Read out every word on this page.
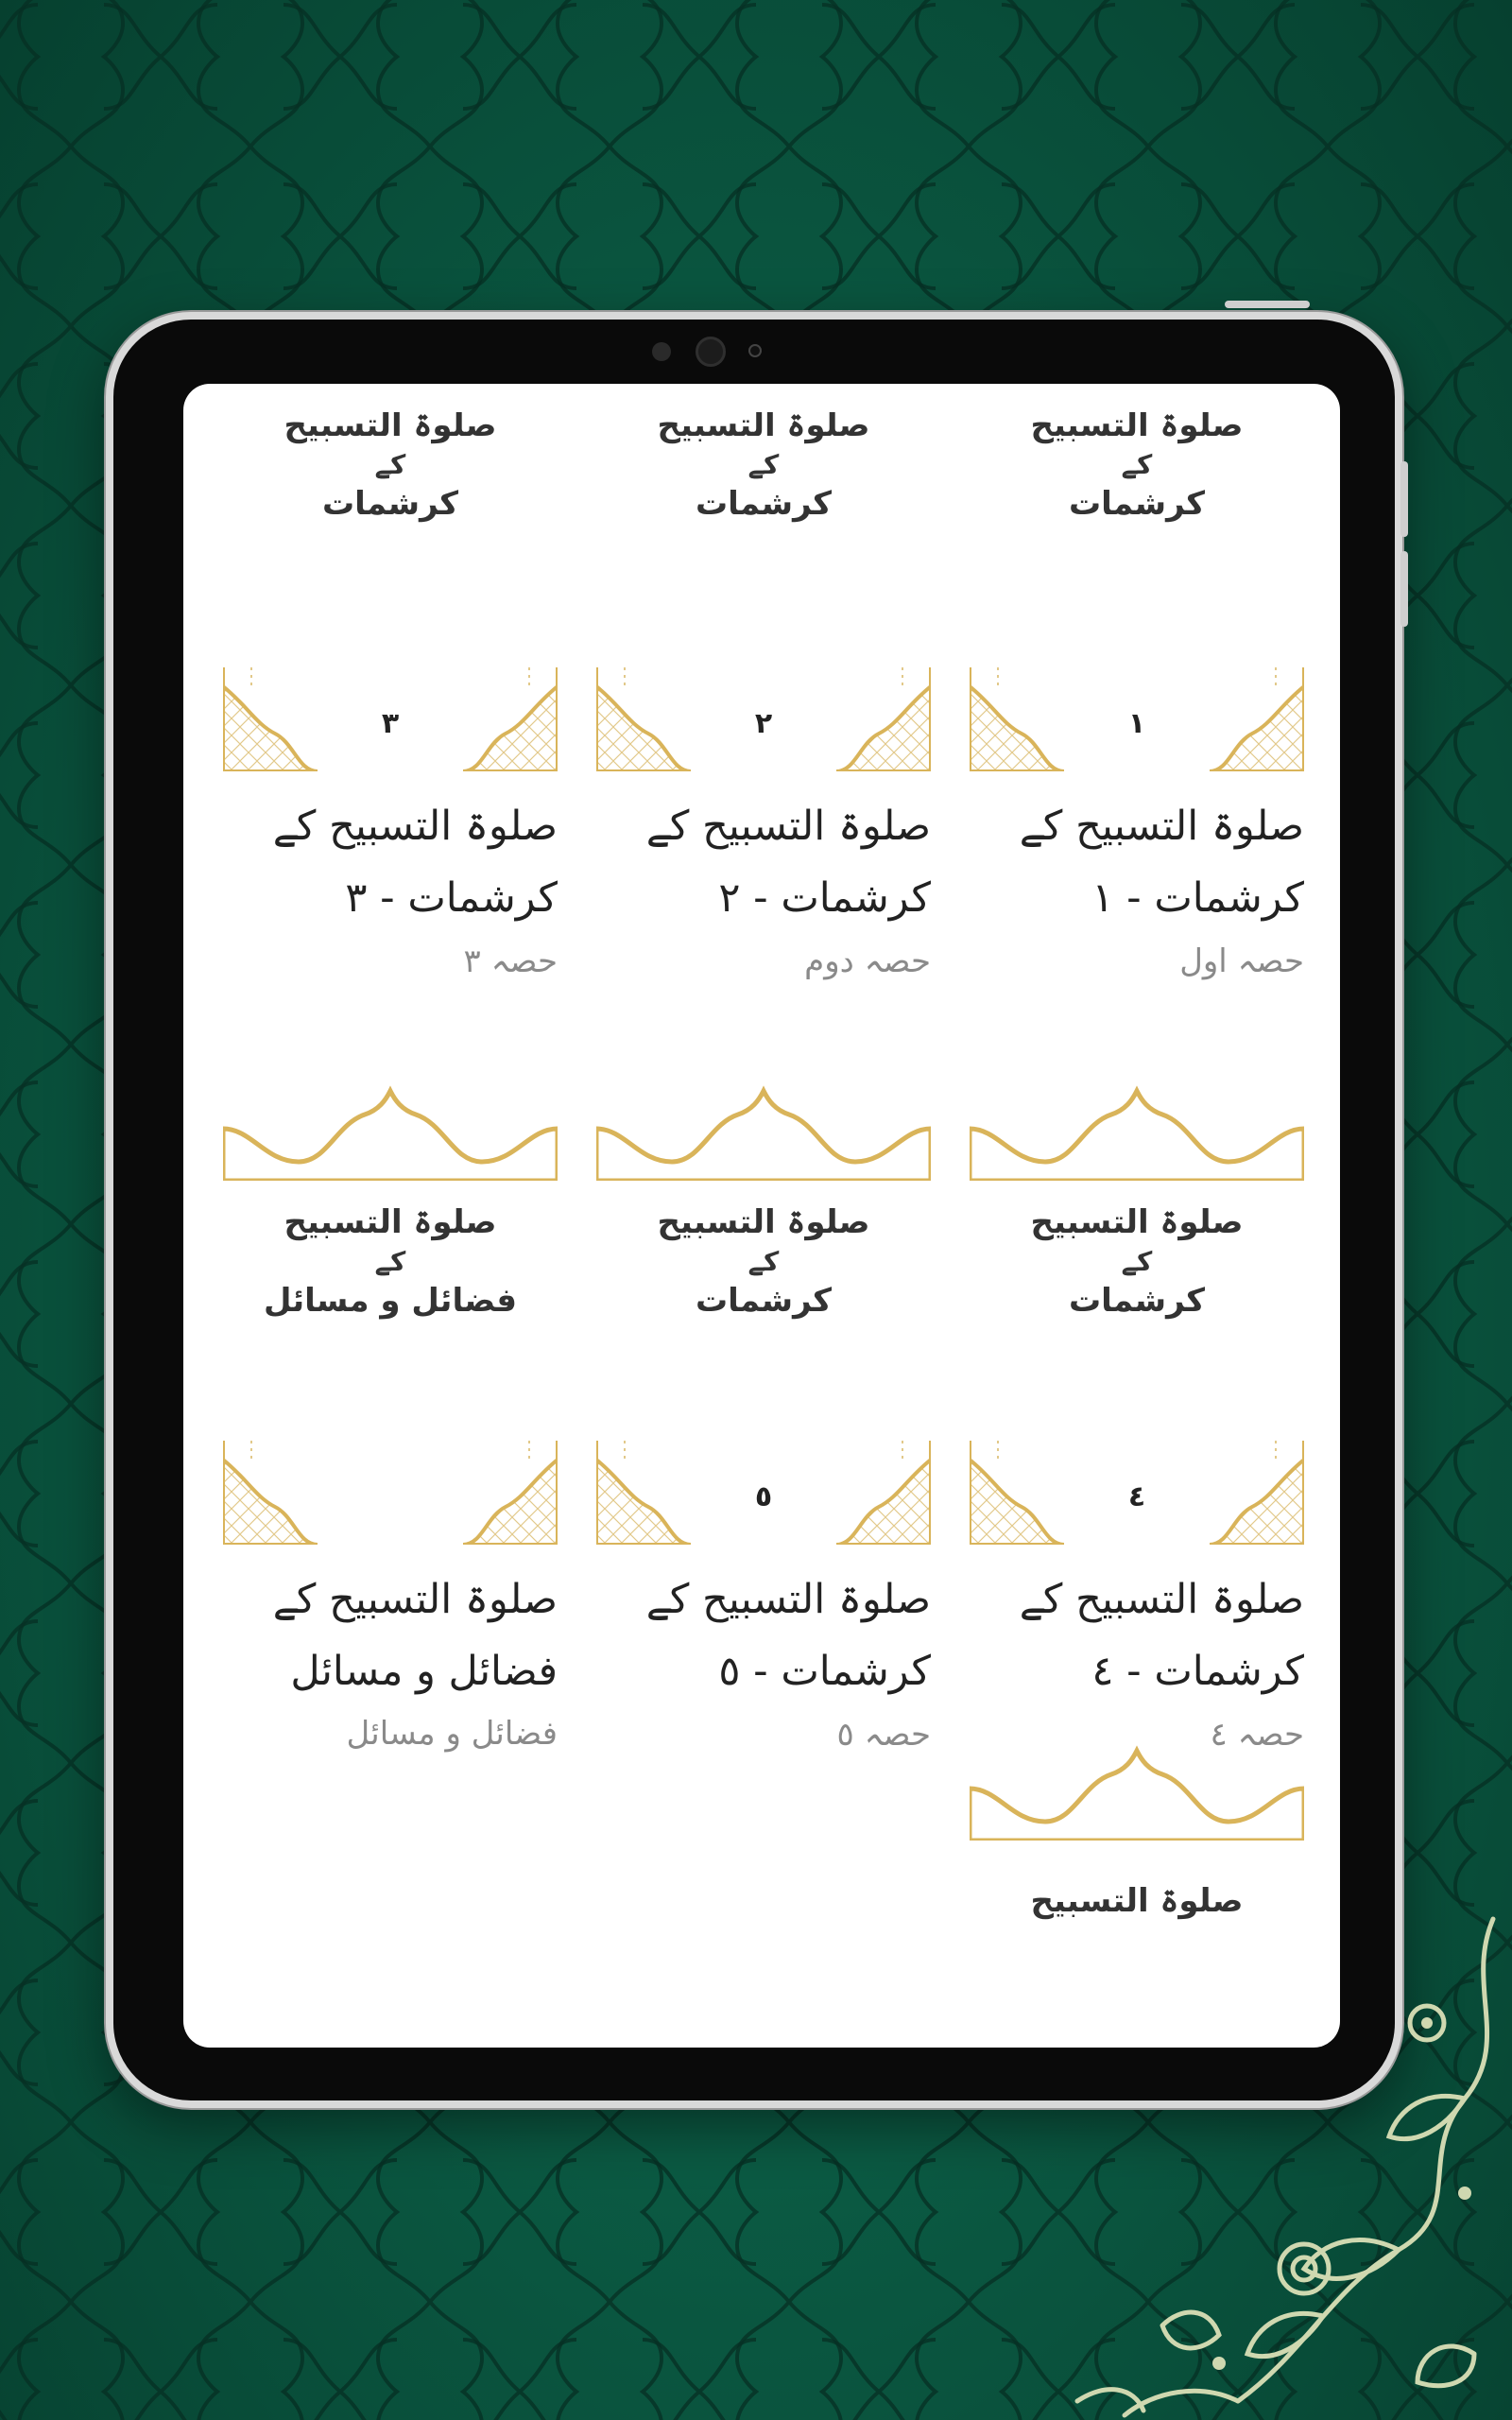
صلوۃ التسبیح
کے
کرشمات
۱
صلوۃ التسبیح کے کرشمات - ۱
حصہ اول
صلوۃ التسبیح
کے
کرشمات
۲
صلوۃ التسبیح کے کرشمات - ۲
حصہ دوم
صلوۃ التسبیح
کے
کرشمات
۳
صلوۃ التسبیح کے کرشمات - ۳
حصہ ۳
صلوۃ التسبیح
کے
کرشمات
٤
صلوۃ التسبیح کے کرشمات - ٤
حصہ ٤
صلوۃ التسبیح
کے
کرشمات
٥
صلوۃ التسبیح کے کرشمات - ٥
حصہ ٥
صلوۃ التسبیح
کے
فضائل و مسائل
صلوۃ التسبیح کے فضائل و مسائل
فضائل و مسائل
صلوۃ التسبیح
